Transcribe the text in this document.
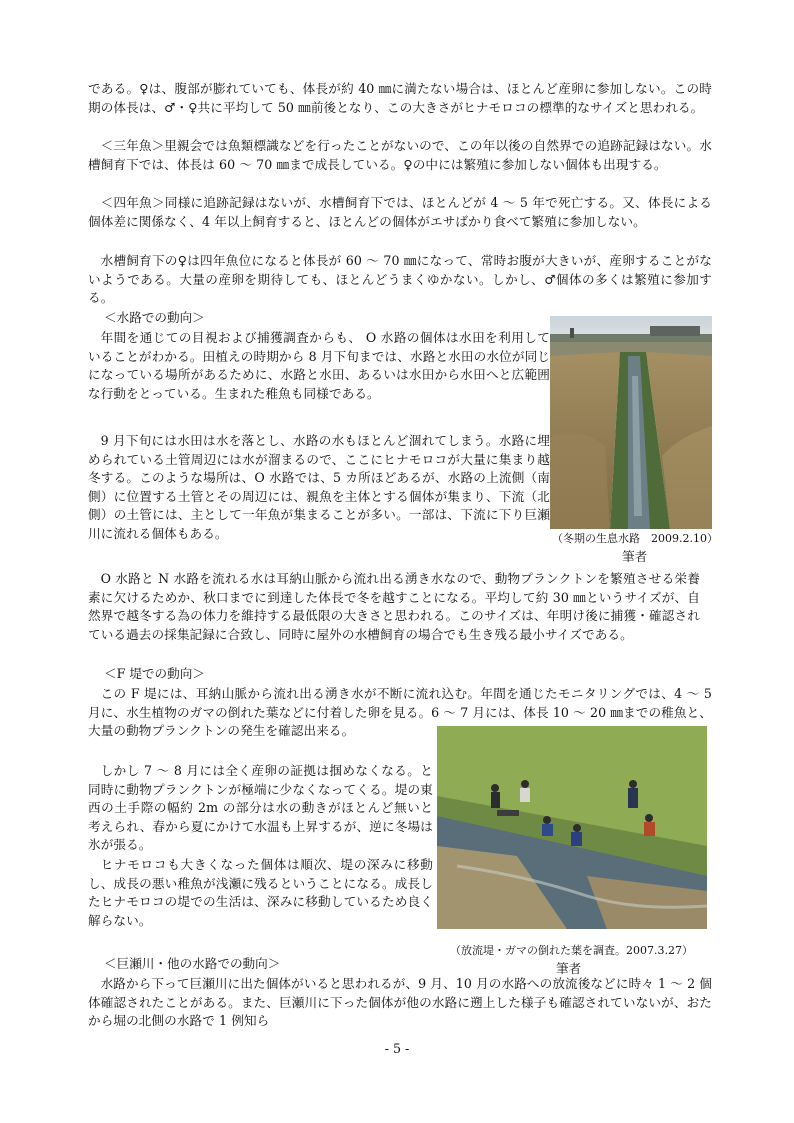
である。♀は、腹部が膨れていても、体長が約 40 ㎜に満たない場合は、ほとんど産卵に参加しない。この時期の体長は、♂・♀共に平均して 50 ㎜前後となり、この大きさがヒナモロコの標準的なサイズと思われる。

＜三年魚＞里親会では魚類標識などを行ったことがないので、この年以後の自然界での追跡記録はない。水槽飼育下では、体長は 60 ～ 70 ㎜まで成長している。♀の中には繁殖に参加しない個体も出現する。

＜四年魚＞同様に追跡記録はないが、水槽飼育下では、ほとんどが 4 ～ 5 年で死亡する。又、体長による個体差に関係なく、4 年以上飼育すると、ほとんどの個体がエサばかり食べて繁殖に参加しない。

水槽飼育下の♀は四年魚位になると体長が 60 ～ 70 ㎜になって、常時お腹が大きいが、産卵することがないようである。大量の産卵を期待しても、ほとんどうまくゆかない。しかし、♂個体の多くは繁殖に参加する。

＜水路での動向＞

年間を通じての目視および捕獲調査からも、 O 水路の個体は水田を利用していることがわかる。田植えの時期から 8 月下旬までは、水路と水田の水位が同じになっている場所があるために、水路と水田、あるいは水田から水田へと広範囲な行動をとっている。生まれた稚魚も同様である。

9 月下旬には水田は水を落とし、水路の水もほとんど涸れてしまう。水路に埋められている土管周辺には水が溜まるので、ここにヒナモロコが大量に集まり越冬する。このような場所は、O 水路では、5 カ所ほどあるが、水路の上流側（南側）に位置する土管とその周辺には、親魚を主体とする個体が集まり、下流（北側）の土管には、主として一年魚が集まることが多い。一部は、下流に下り巨瀬川に流れる個体もある。	（冬期の生息水路　2009.2.10）
筆者

O 水路と N 水路を流れる水は耳納山脈から流れ出る湧き水なので、動物プランクトンを繁殖させる栄養素に欠けるためか、秋口までに到達した体長で冬を越すことになる。平均して約 30 ㎜というサイズが、自然界で越冬する為の体力を維持する最低限の大きさと思われる。このサイズは、年明け後に捕獲・確認されている過去の採集記録に合致し、同時に屋外の水槽飼育の場合でも生き残る最小サイズである。

＜F 堤での動向＞

この F 堤には、耳納山脈から流れ出る湧き水が不断に流れ込む。年間を通じたモニタリングでは、4 ～ 5 月に、水生植物のガマの倒れた葉などに付着した卵を見る。6 ～ 7 月には、体長 10 ～ 20 ㎜までの稚魚と、大量の動物プランクトンの発生を確認出来る。

しかし 7 ～ 8 月には全く産卵の証拠は掴めなくなる。と同時に動物プランクトンが極端に少なくなってくる。堤の東西の土手際の幅約 2m の部分は水の動きがほとんど無いと考えられ、春から夏にかけて水温も上昇するが、逆に冬場は氷が張る。

ヒナモロコも大きくなった個体は順次、堤の深みに移動し、成長の悪い稚魚が浅瀬に残るということになる。成長したヒナモロコの堤での生活は、深みに移動しているため良く解らない。

（放流堤・ガマの倒れた葉を調査。2007.3.27）
筆者

＜巨瀬川・他の水路での動向＞

水路から下って巨瀬川に出た個体がいると思われるが、9 月、10 月の水路への放流後などに時々 1 ～ 2 個体確認されたことがある。また、巨瀬川に下った個体が他の水路に遡上した様子も確認されていないが、おたから堀の北側の水路で 1 例知ら

- 5 -
